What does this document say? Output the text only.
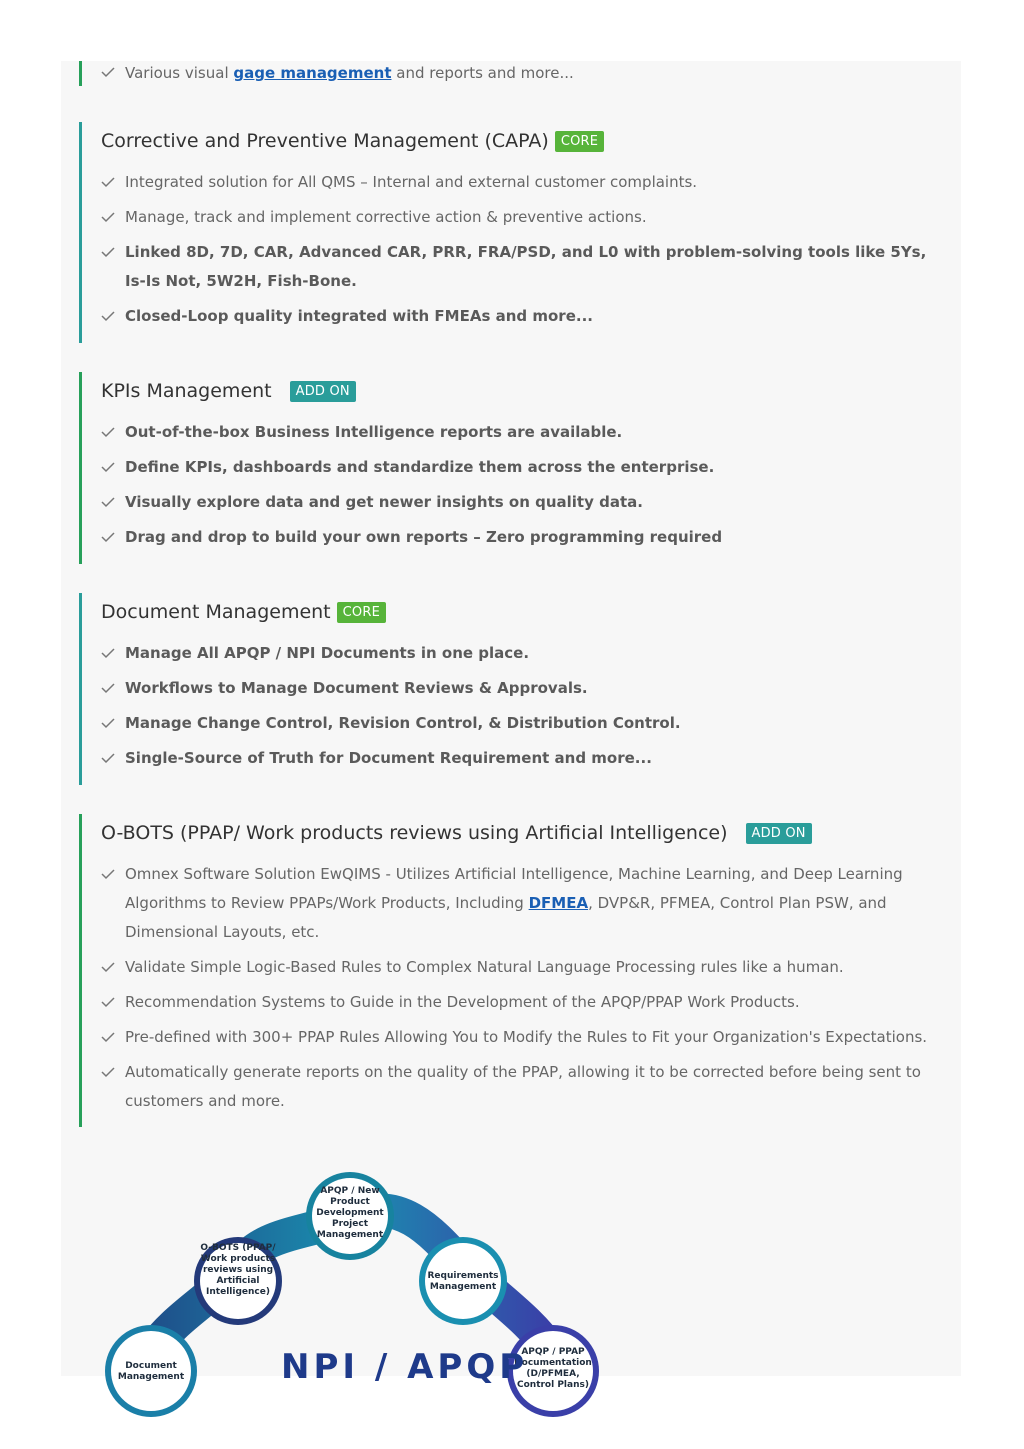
Various visual gage management and reports and more...
Corrective and Preventive Management (CAPA) CORE
Integrated solution for All QMS – Internal and external customer complaints.
Manage, track and implement corrective action & preventive actions.
Linked 8D, 7D, CAR, Advanced CAR, PRR, FRA/PSD, and L0 with problem-solving tools like 5Ys, Is-Is Not, 5W2H, Fish-Bone.
Closed-Loop quality integrated with FMEAs and more...
KPIs Management	ADD ON
Out-of-the-box Business Intelligence reports are available.
Define KPIs, dashboards and standardize them across the enterprise.
Visually explore data and get newer insights on quality data.
Drag and drop to build your own reports – Zero programming required
Document Management CORE
Manage All APQP / NPI Documents in one place.
Workflows to Manage Document Reviews & Approvals.
Manage Change Control, Revision Control, & Distribution Control.
Single-Source of Truth for Document Requirement and more...
O-BOTS (PPAP/ Work products reviews using Artificial Intelligence)	ADD ON
Omnex Software Solution EwQIMS - Utilizes Artificial Intelligence, Machine Learning, and Deep Learning Algorithms to Review PPAPs/Work Products, Including DFMEA, DVP&R, PFMEA, Control Plan PSW, and Dimensional Layouts, etc.
Validate Simple Logic-Based Rules to Complex Natural Language Processing rules like a human.
Recommendation Systems to Guide in the Development of the APQP/PPAP Work Products.
Pre-defined with 300+ PPAP Rules Allowing You to Modify the Rules to Fit your Organization's Expectations.
Automatically generate reports on the quality of the PPAP, allowing it to be corrected before being sent to customers and more.
APQP / New Product Development Project Management
O-BOTS (PPAP/ Work products reviews using Artificial Intelligence)
Requirements Management
Document Management
APQP / PPAP Documentation (D/PFMEA, Control Plans)
NPI / APQP
